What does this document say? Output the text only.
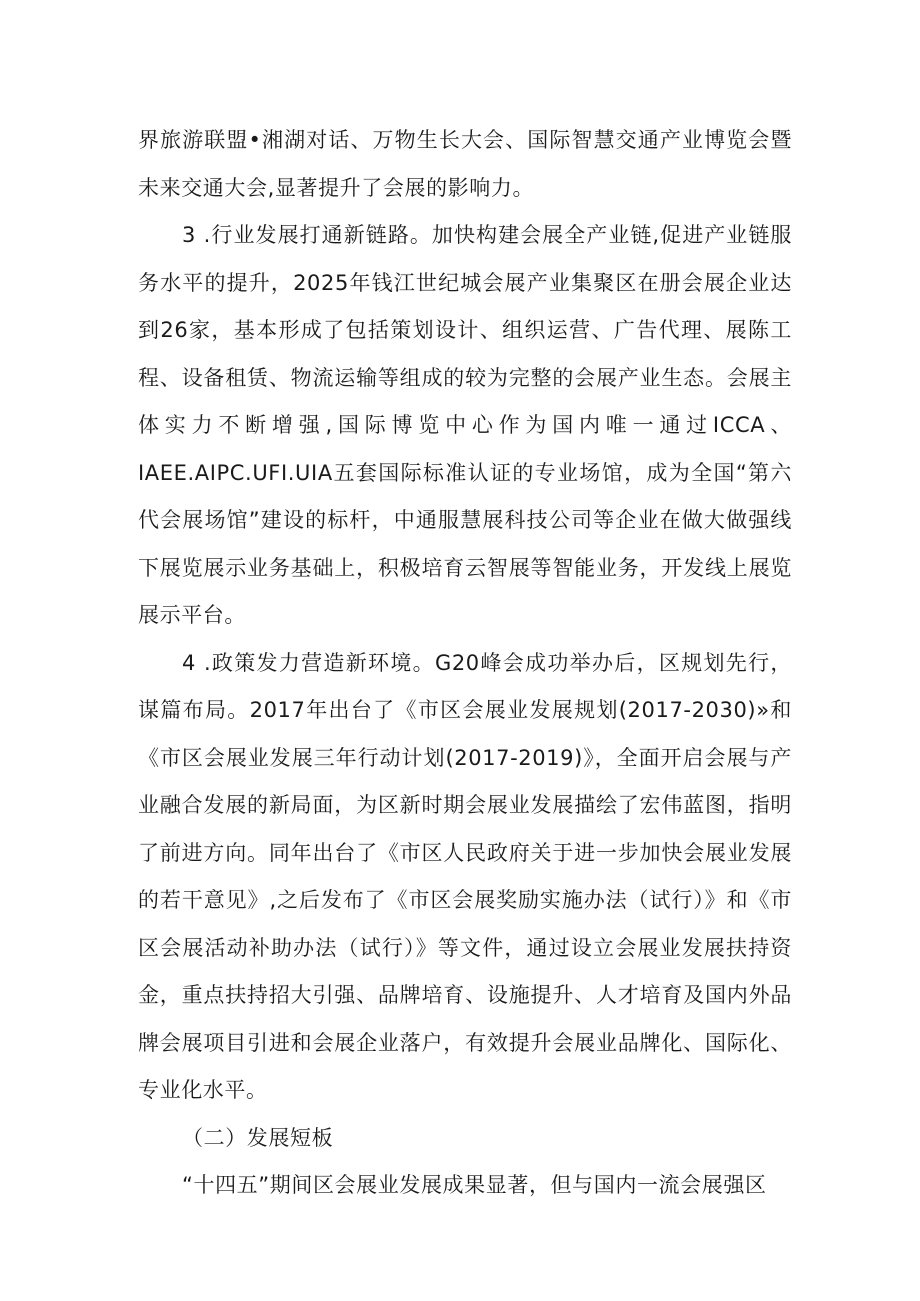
界旅游联盟•湘湖对话、万物生长大会、国际智慧交通产业博览会暨未来交通大会,显著提升了会展的影响力。

3 .行业发展打通新链路。加快构建会展全产业链,促进产业链服务水平的提升，2025年钱江世纪城会展产业集聚区在册会展企业达到26家，基本形成了包括策划设计、组织运营、广告代理、展陈工程、设备租赁、物流运输等组成的较为完整的会展产业生态。会展主体实力不断增强,国际博览中心作为国内唯一通过ICCA、IAEE.AIPC.UFI.UIA五套国际标准认证的专业场馆，成为全国“第六代会展场馆”建设的标杆，中通服慧展科技公司等企业在做大做强线下展览展示业务基础上，积极培育云智展等智能业务，开发线上展览展示平台。

4 .政策发力营造新环境。G20峰会成功举办后，区规划先行，谋篇布局。2017年出台了《市区会展业发展规划(2017-2030)»和《市区会展业发展三年行动计划(2017-2019)》，全面开启会展与产业融合发展的新局面，为区新时期会展业发展描绘了宏伟蓝图，指明了前进方向。同年出台了《市区人民政府关于进一步加快会展业发展的若干意见》,之后发布了《市区会展奖励实施办法（试行）》和《市区会展活动补助办法（试行）》等文件，通过设立会展业发展扶持资金，重点扶持招大引强、品牌培育、设施提升、人才培育及国内外品牌会展项目引进和会展企业落户，有效提升会展业品牌化、国际化、专业化水平。

（二）发展短板

“十四五”期间区会展业发展成果显著，但与国内一流会展强区
